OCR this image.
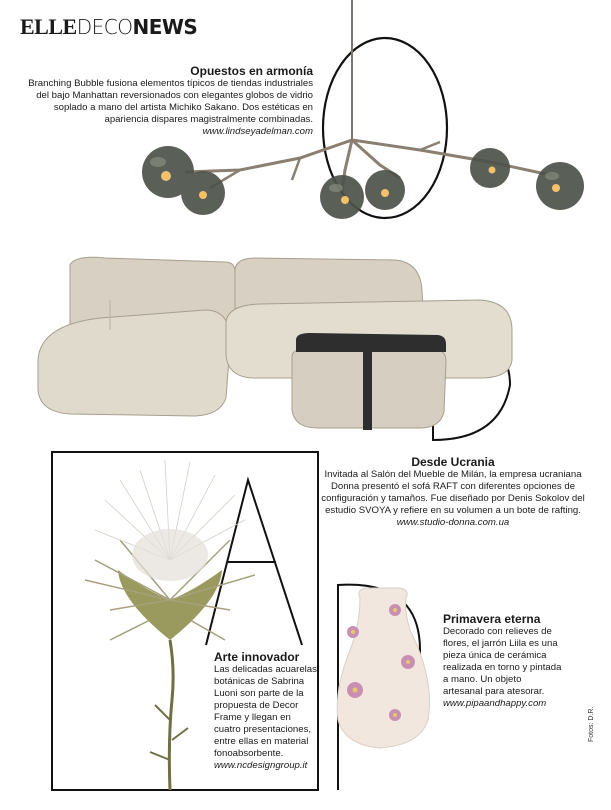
ELLEDECONEWS
Opuestos en armonía
Branching Bubble fusiona elementos típicos de tiendas industriales del bajo Manhattan reversionados con elegantes globos de vidrio soplado a mano del artista Michiko Sakano. Dos estéticas en apariencia dispares magistralmente combinadas. www.lindseyadelman.com
Desde Ucrania
Invitada al Salón del Mueble de Milán, la empresa ucraniana Donna presentó el sofá RAFT con diferentes opciones de configuración y tamaños. Fue diseñado por Denis Sokolov del estudio SVOYA y refiere en su volumen a un bote de rafting. www.studio-donna.com.ua
Arte innovador
Las delicadas acuarelas botánicas de Sabrina Luoni son parte de la propuesta de Decor Frame y llegan en cuatro presentaciones, entre ellas en material fonoabsorbente. www.ncdesigngroup.it
Primavera eterna
Decorado con relieves de flores, el jarrón Liila es una pieza única de cerámica realizada en torno y pintada a mano. Un objeto artesanal para atesorar. www.pipaandhappy.com
Fotos: D.R.
